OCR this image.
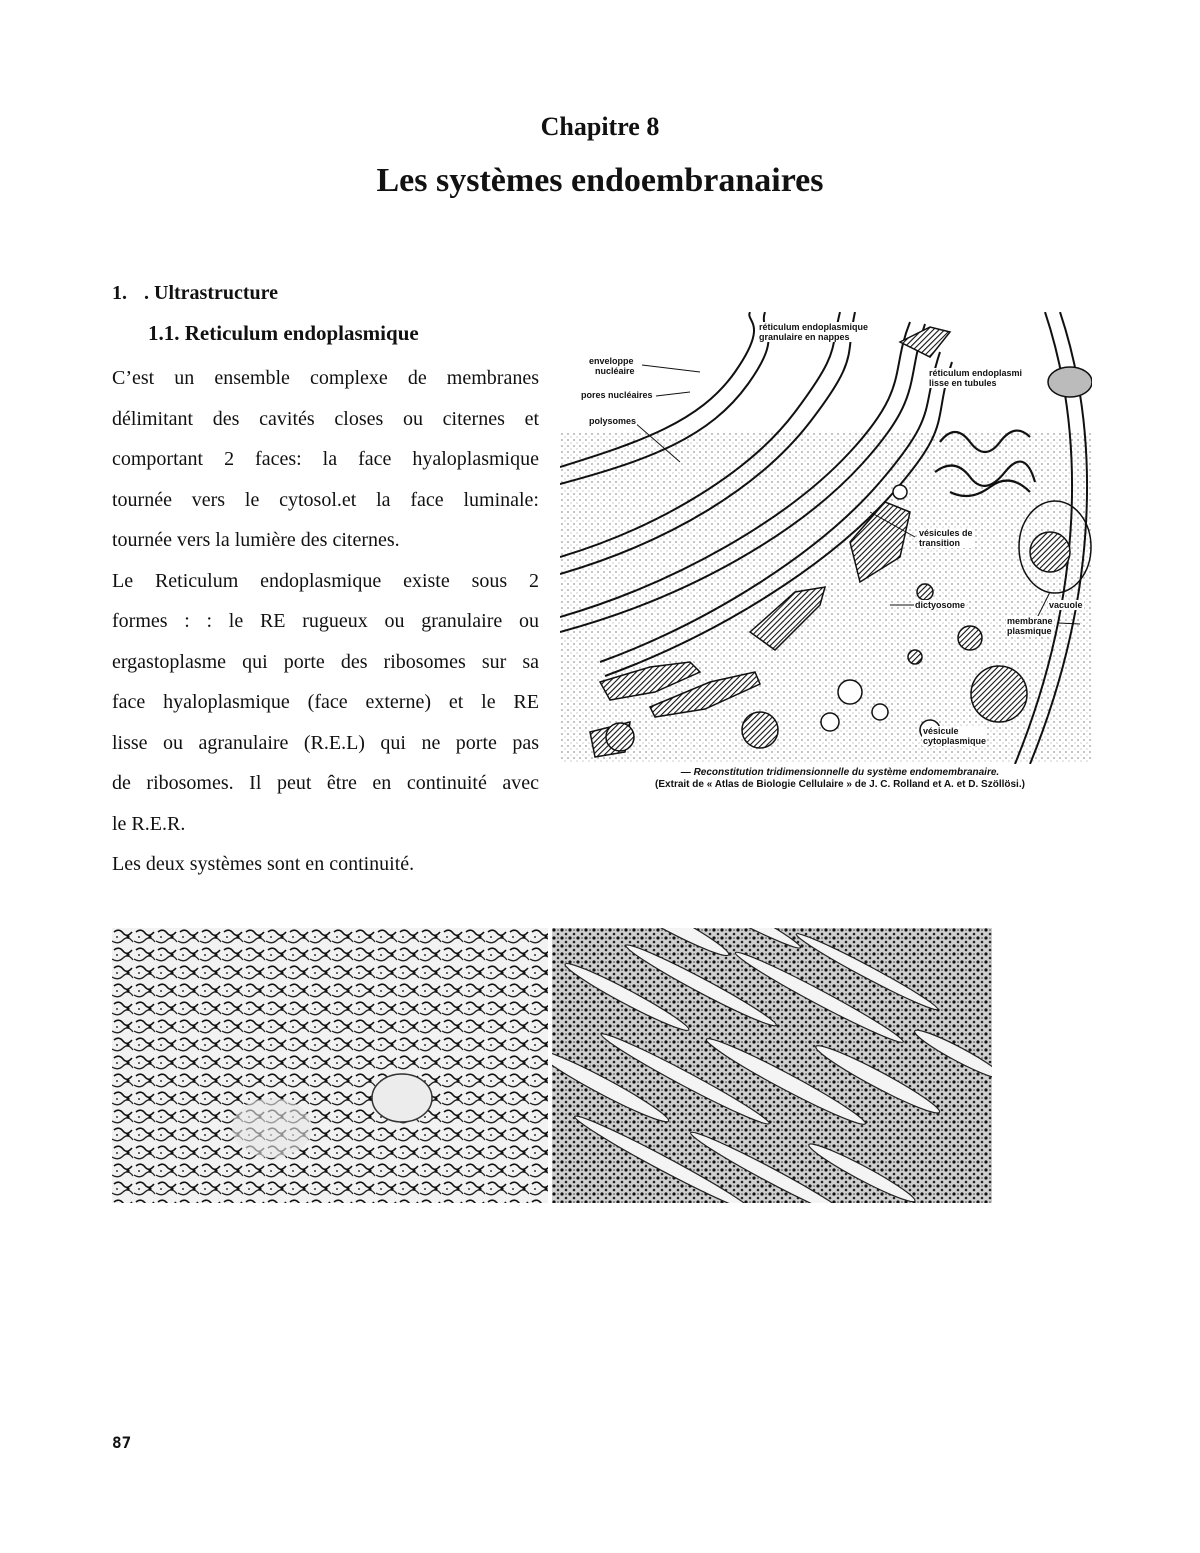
Chapitre 8
Les systèmes endoembranaires
1. . Ultrastructure
1.1. Reticulum endoplasmique

C’est un ensemble complexe de membranes

délimitant des cavités closes ou citernes et

comportant 2 faces: la face hyaloplasmique

tournée vers le cytosol.et la face luminale:

tournée vers la lumière des citernes.

Le Reticulum endoplasmique existe sous 2

formes : : le RE rugueux ou granulaire ou

ergastoplasme qui porte des ribosomes sur sa

face hyaloplasmique (face externe) et le RE

lisse ou agranulaire (R.E.L) qui ne porte pas

de ribosomes. Il peut être en continuité avec

le R.E.R.

Les deux systèmes sont en continuité.

enveloppe
nucléaire
pores nucléaires
polysomes
réticulum endoplasmique
granulaire en nappes
réticulum endoplasmi
lisse en tubules
vésicules de
transition
dictyosome	vacuole
membrane
plasmique
vésicule
cytoplasmique
— Reconstitution tridimensionnelle du système endomembranaire.
(Extrait de « Atlas de Biologie Cellulaire » de J. C. Rolland et A. et D. Szöllösi.)
87
